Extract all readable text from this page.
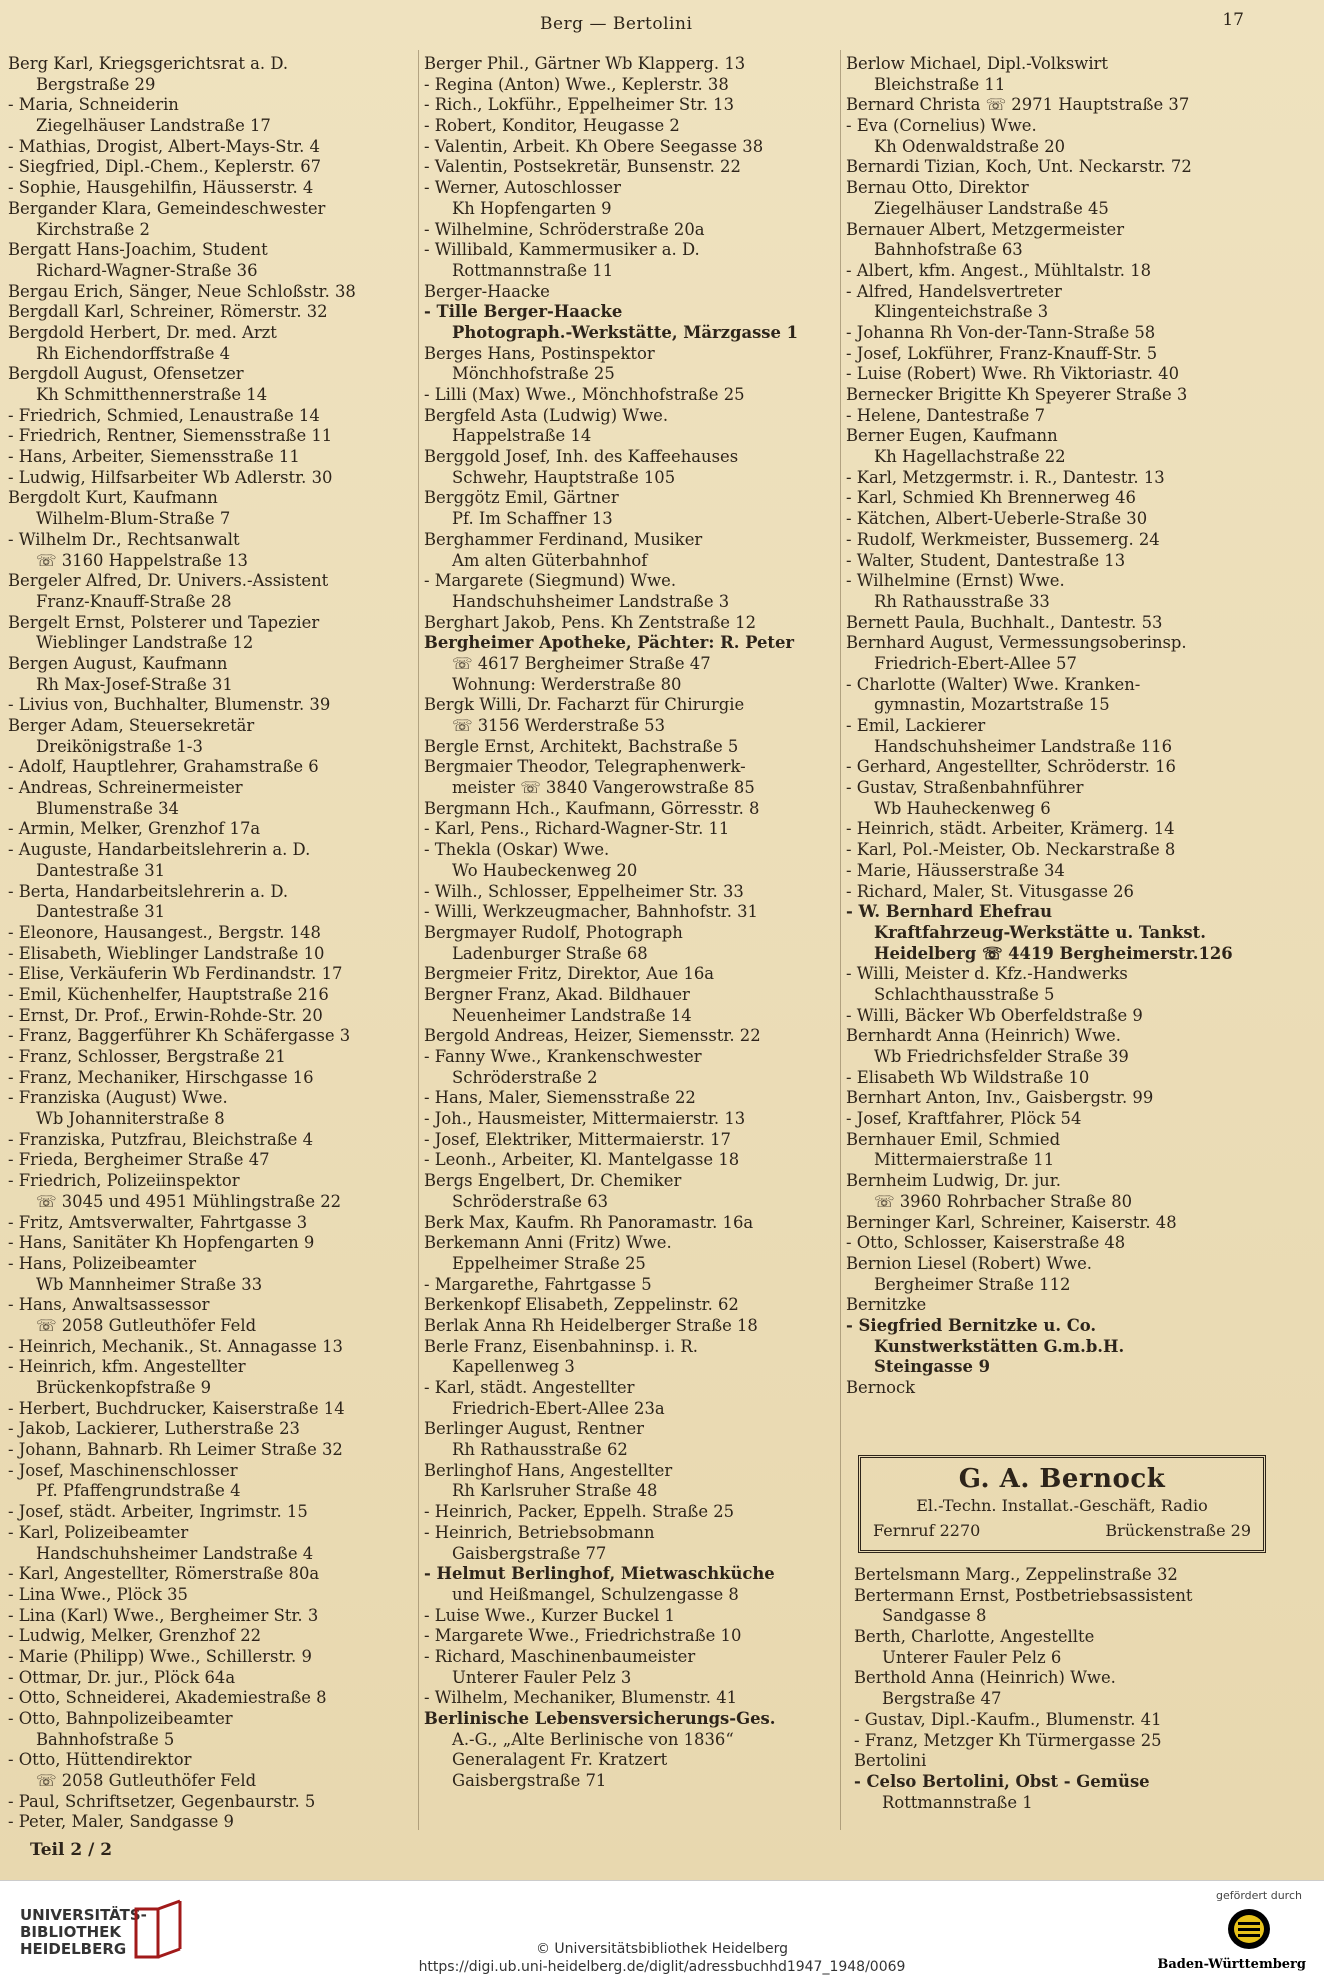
Berg — Bertolini	17
Berg Karl, Kriegsgerichtsrat a. D.
Bergstraße 29
- Maria, Schneiderin
Ziegelhäuser Landstraße 17
- Mathias, Drogist, Albert-Mays-Str. 4
- Siegfried, Dipl.-Chem., Keplerstr. 67
- Sophie, Hausgehilfin, Häusserstr. 4
Bergander Klara, Gemeindeschwester
Kirchstraße 2
Bergatt Hans-Joachim, Student
Richard-Wagner-Straße 36
Bergau Erich, Sänger, Neue Schloßstr. 38
Bergdall Karl, Schreiner, Römerstr. 32
Bergdold Herbert, Dr. med. Arzt
Rh Eichendorffstraße 4
Bergdoll August, Ofensetzer
Kh Schmitthennerstraße 14
- Friedrich, Schmied, Lenaustraße 14
- Friedrich, Rentner, Siemensstraße 11
- Hans, Arbeiter, Siemensstraße 11
- Ludwig, Hilfsarbeiter Wb Adlerstr. 30
Bergdolt Kurt, Kaufmann
Wilhelm-Blum-Straße 7
- Wilhelm Dr., Rechtsanwalt
☏ 3160 Happelstraße 13
Bergeler Alfred, Dr. Univers.-Assistent
Franz-Knauff-Straße 28
Bergelt Ernst, Polsterer und Tapezier
Wieblinger Landstraße 12
Bergen August, Kaufmann
Rh Max-Josef-Straße 31
- Livius von, Buchhalter, Blumenstr. 39
Berger Adam, Steuersekretär
Dreikönigstraße 1-3
- Adolf, Hauptlehrer, Grahamstraße 6
- Andreas, Schreinermeister
Blumenstraße 34
- Armin, Melker, Grenzhof 17a
- Auguste, Handarbeitslehrerin a. D.
Dantestraße 31
- Berta, Handarbeitslehrerin a. D.
Dantestraße 31
- Eleonore, Hausangest., Bergstr. 148
- Elisabeth, Wieblinger Landstraße 10
- Elise, Verkäuferin Wb Ferdinandstr. 17
- Emil, Küchenhelfer, Hauptstraße 216
- Ernst, Dr. Prof., Erwin-Rohde-Str. 20
- Franz, Baggerführer Kh Schäfergasse 3
- Franz, Schlosser, Bergstraße 21
- Franz, Mechaniker, Hirschgasse 16
- Franziska (August) Wwe.
Wb Johanniterstraße 8
- Franziska, Putzfrau, Bleichstraße 4
- Frieda, Bergheimer Straße 47
- Friedrich, Polizeiinspektor
☏ 3045 und 4951 Mühlingstraße 22
- Fritz, Amtsverwalter, Fahrtgasse 3
- Hans, Sanitäter Kh Hopfengarten 9
- Hans, Polizeibeamter
Wb Mannheimer Straße 33
- Hans, Anwaltsassessor
☏ 2058 Gutleuthöfer Feld
- Heinrich, Mechanik., St. Annagasse 13
- Heinrich, kfm. Angestellter
Brückenkopfstraße 9
- Herbert, Buchdrucker, Kaiserstraße 14
- Jakob, Lackierer, Lutherstraße 23
- Johann, Bahnarb. Rh Leimer Straße 32
- Josef, Maschinenschlosser
Pf. Pfaffengrundstraße 4
- Josef, städt. Arbeiter, Ingrimstr. 15
- Karl, Polizeibeamter
Handschuhsheimer Landstraße 4
- Karl, Angestellter, Römerstraße 80a
- Lina Wwe., Plöck 35
- Lina (Karl) Wwe., Bergheimer Str. 3
- Ludwig, Melker, Grenzhof 22
- Marie (Philipp) Wwe., Schillerstr. 9
- Ottmar, Dr. jur., Plöck 64a
- Otto, Schneiderei, Akademiestraße 8
- Otto, Bahnpolizeibeamter
Bahnhofstraße 5
- Otto, Hüttendirektor
☏ 2058 Gutleuthöfer Feld
- Paul, Schriftsetzer, Gegenbaurstr. 5
- Peter, Maler, Sandgasse 9
Berger Phil., Gärtner Wb Klapperg. 13
- Regina (Anton) Wwe., Keplerstr. 38
- Rich., Lokführ., Eppelheimer Str. 13
- Robert, Konditor, Heugasse 2
- Valentin, Arbeit. Kh Obere Seegasse 38
- Valentin, Postsekretär, Bunsenstr. 22
- Werner, Autoschlosser
Kh Hopfengarten 9
- Wilhelmine, Schröderstraße 20a
- Willibald, Kammermusiker a. D.
Rottmannstraße 11
Berger-Haacke
- Tille Berger-Haacke
Photograph.-Werkstätte, Märzgasse 1
Berges Hans, Postinspektor
Mönchhofstraße 25
- Lilli (Max) Wwe., Mönchhofstraße 25
Bergfeld Asta (Ludwig) Wwe.
Happelstraße 14
Berggold Josef, Inh. des Kaffeehauses
Schwehr, Hauptstraße 105
Berggötz Emil, Gärtner
Pf. Im Schaffner 13
Berghammer Ferdinand, Musiker
Am alten Güterbahnhof
- Margarete (Siegmund) Wwe.
Handschuhsheimer Landstraße 3
Berghart Jakob, Pens. Kh Zentstraße 12
Bergheimer Apotheke, Pächter: R. Peter
☏ 4617 Bergheimer Straße 47
Wohnung: Werderstraße 80
Bergk Willi, Dr. Facharzt für Chirurgie
☏ 3156 Werderstraße 53
Bergle Ernst, Architekt, Bachstraße 5
Bergmaier Theodor, Telegraphenwerk-
meister ☏ 3840 Vangerowstraße 85
Bergmann Hch., Kaufmann, Görresstr. 8
- Karl, Pens., Richard-Wagner-Str. 11
- Thekla (Oskar) Wwe.
Wo Haubeckenweg 20
- Wilh., Schlosser, Eppelheimer Str. 33
- Willi, Werkzeugmacher, Bahnhofstr. 31
Bergmayer Rudolf, Photograph
Ladenburger Straße 68
Bergmeier Fritz, Direktor, Aue 16a
Bergner Franz, Akad. Bildhauer
Neuenheimer Landstraße 14
Bergold Andreas, Heizer, Siemensstr. 22
- Fanny Wwe., Krankenschwester
Schröderstraße 2
- Hans, Maler, Siemensstraße 22
- Joh., Hausmeister, Mittermaierstr. 13
- Josef, Elektriker, Mittermaierstr. 17
- Leonh., Arbeiter, Kl. Mantelgasse 18
Bergs Engelbert, Dr. Chemiker
Schröderstraße 63
Berk Max, Kaufm. Rh Panoramastr. 16a
Berkemann Anni (Fritz) Wwe.
Eppelheimer Straße 25
- Margarethe, Fahrtgasse 5
Berkenkopf Elisabeth, Zeppelinstr. 62
Berlak Anna Rh Heidelberger Straße 18
Berle Franz, Eisenbahninsp. i. R.
Kapellenweg 3
- Karl, städt. Angestellter
Friedrich-Ebert-Allee 23a
Berlinger August, Rentner
Rh Rathausstraße 62
Berlinghof Hans, Angestellter
Rh Karlsruher Straße 48
- Heinrich, Packer, Eppelh. Straße 25
- Heinrich, Betriebsobmann
Gaisbergstraße 77
- Helmut Berlinghof, Mietwaschküche
und Heißmangel, Schulzengasse 8
- Luise Wwe., Kurzer Buckel 1
- Margarete Wwe., Friedrichstraße 10
- Richard, Maschinenbaumeister
Unterer Fauler Pelz 3
- Wilhelm, Mechaniker, Blumenstr. 41
Berlinische Lebensversicherungs-Ges.
A.-G., „Alte Berlinische von 1836“
Generalagent Fr. Kratzert
Gaisbergstraße 71
Berlow Michael, Dipl.-Volkswirt
Bleichstraße 11
Bernard Christa ☏ 2971 Hauptstraße 37
- Eva (Cornelius) Wwe.
Kh Odenwaldstraße 20
Bernardi Tizian, Koch, Unt. Neckarstr. 72
Bernau Otto, Direktor
Ziegelhäuser Landstraße 45
Bernauer Albert, Metzgermeister
Bahnhofstraße 63
- Albert, kfm. Angest., Mühltalstr. 18
- Alfred, Handelsvertreter
Klingenteichstraße 3
- Johanna Rh Von-der-Tann-Straße 58
- Josef, Lokführer, Franz-Knauff-Str. 5
- Luise (Robert) Wwe. Rh Viktoriastr. 40
Bernecker Brigitte Kh Speyerer Straße 3
- Helene, Dantestraße 7
Berner Eugen, Kaufmann
Kh Hagellachstraße 22
- Karl, Metzgermstr. i. R., Dantestr. 13
- Karl, Schmied Kh Brennerweg 46
- Kätchen, Albert-Ueberle-Straße 30
- Rudolf, Werkmeister, Bussemerg. 24
- Walter, Student, Dantestraße 13
- Wilhelmine (Ernst) Wwe.
Rh Rathausstraße 33
Bernett Paula, Buchhalt., Dantestr. 53
Bernhard August, Vermessungsoberinsp.
Friedrich-Ebert-Allee 57
- Charlotte (Walter) Wwe. Kranken-
gymnastin, Mozartstraße 15
- Emil, Lackierer
Handschuhsheimer Landstraße 116
- Gerhard, Angestellter, Schröderstr. 16
- Gustav, Straßenbahnführer
Wb Hauheckenweg 6
- Heinrich, städt. Arbeiter, Krämerg. 14
- Karl, Pol.-Meister, Ob. Neckarstraße 8
- Marie, Häusserstraße 34
- Richard, Maler, St. Vitusgasse 26
- W. Bernhard Ehefrau
Kraftfahrzeug-Werkstätte u. Tankst.
Heidelberg ☏ 4419 Bergheimerstr.126
- Willi, Meister d. Kfz.-Handwerks
Schlachthausstraße 5
- Willi, Bäcker Wb Oberfeldstraße 9
Bernhardt Anna (Heinrich) Wwe.
Wb Friedrichsfelder Straße 39
- Elisabeth Wb Wildstraße 10
Bernhart Anton, Inv., Gaisbergstr. 99
- Josef, Kraftfahrer, Plöck 54
Bernhauer Emil, Schmied
Mittermaierstraße 11
Bernheim Ludwig, Dr. jur.
☏ 3960 Rohrbacher Straße 80
Berninger Karl, Schreiner, Kaiserstr. 48
- Otto, Schlosser, Kaiserstraße 48
Bernion Liesel (Robert) Wwe.
Bergheimer Straße 112
Bernitzke
- Siegfried Bernitzke u. Co.
Kunstwerkstätten G.m.b.H.
Steingasse 9
Bernock
G. A. Bernock
El.-Techn. Installat.-Geschäft, Radio
Fernruf 2270	Brückenstraße 29
Bertelsmann Marg., Zeppelinstraße 32
Bertermann Ernst, Postbetriebsassistent
Sandgasse 8
Berth, Charlotte, Angestellte
Unterer Fauler Pelz 6
Berthold Anna (Heinrich) Wwe.
Bergstraße 47
- Gustav, Dipl.-Kaufm., Blumenstr. 41
- Franz, Metzger Kh Türmergasse 25
Bertolini
- Celso Bertolini, Obst - Gemüse
Rottmannstraße 1
Teil 2 / 2
UNIVERSITÄTS-
BIBLIOTHEK
HEIDELBERG	© Universitätsbibliothek Heidelberg
https://digi.ub.uni-heidelberg.de/diglit/adressbuchhd1947_1948/0069
gefördert durch
Baden-Württemberg
